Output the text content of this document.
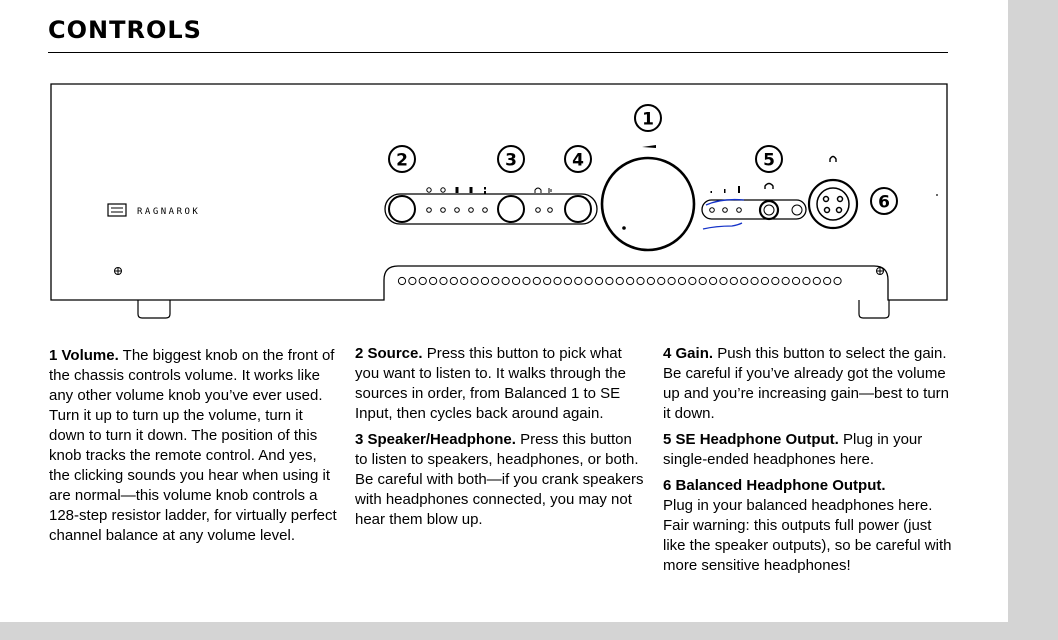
CONTROLS
RAGNAROK
1
2	3	4	5
6

1 Volume. The biggest knob on the front of the chassis controls volume. It works like any other volume knob you’ve ever used. Turn it up to turn up the volume, turn it down to turn it down. The position of this knob tracks the remote control. And yes, the clicking sounds you hear when using it are normal—this volume knob controls a 128-step resistor ladder, for virtually perfect channel balance at any volume level.

2 Source. Press this button to pick what you want to listen to. It walks through the sources in order, from Balanced 1 to SE Input, then cycles back around again.

3 Speaker/Headphone. Press this button to listen to speakers, headphones, or both. Be careful with both—if you crank speakers with headphones connected, you may not hear them blow up.

4 Gain. Push this button to select the gain. Be careful if you’ve already got the volume up and you’re increasing gain—best to turn it down.

5 SE Headphone Output. Plug in your single-ended headphones here.

6 Balanced Headphone Output.
Plug in your balanced headphones here. Fair warning: this outputs full power (just like the speaker outputs), so be careful with more sensitive headphones!
